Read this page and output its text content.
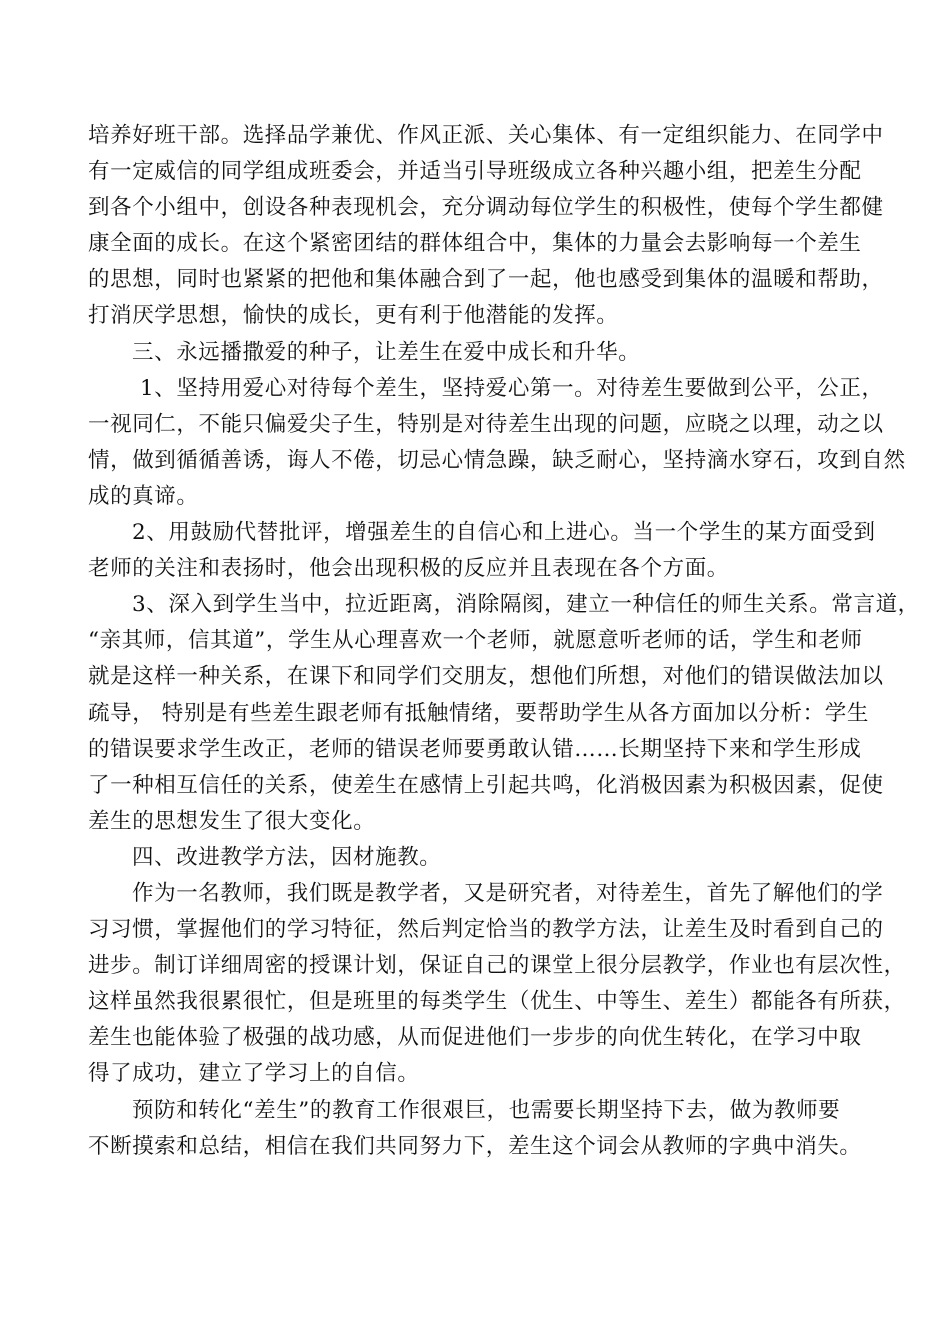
培养好班干部。选择品学兼优、作风正派、关心集体、有一定组织能力、在同学中
有一定威信的同学组成班委会，并适当引导班级成立各种兴趣小组，把差生分配
到各个小组中，创设各种表现机会，充分调动每位学生的积极性，使每个学生都健
康全面的成长。在这个紧密团结的群体组合中，集体的力量会去影响每一个差生
的思想，同时也紧紧的把他和集体融合到了一起，他也感受到集体的温暖和帮助，
打消厌学思想，愉快的成长，更有利于他潜能的发挥。

三、永远播撒爱的种子，让差生在爱中成长和升华。

1、坚持用爱心对待每个差生，坚持爱心第一。对待差生要做到公平，公正，
一视同仁，不能只偏爱尖子生，特别是对待差生出现的问题，应晓之以理，动之以
情，做到循循善诱，诲人不倦，切忌心情急躁，缺乏耐心，坚持滴水穿石，攻到自然
成的真谛。

2、用鼓励代替批评，增强差生的自信心和上进心。当一个学生的某方面受到
老师的关注和表扬时，他会出现积极的反应并且表现在各个方面。

3、深入到学生当中，拉近距离，消除隔阂，建立一种信任的师生关系。常言道，
“亲其师，信其道”，学生从心理喜欢一个老师，就愿意听老师的话，学生和老师
就是这样一种关系，在课下和同学们交朋友，想他们所想，对他们的错误做法加以
疏导， 特别是有些差生跟老师有抵触情绪，要帮助学生从各方面加以分析：学生
的错误要求学生改正，老师的错误老师要勇敢认错……长期坚持下来和学生形成
了一种相互信任的关系，使差生在感情上引起共鸣，化消极因素为积极因素，促使
差生的思想发生了很大变化。

四、改进教学方法，因材施教。

作为一名教师，我们既是教学者，又是研究者，对待差生，首先了解他们的学
习习惯，掌握他们的学习特征，然后判定恰当的教学方法，让差生及时看到自己的
进步。制订详细周密的授课计划，保证自己的课堂上很分层教学，作业也有层次性，
这样虽然我很累很忙，但是班里的每类学生（优生、中等生、差生）都能各有所获，
差生也能体验了极强的战功感，从而促进他们一步步的向优生转化，在学习中取
得了成功，建立了学习上的自信。

预防和转化“差生”的教育工作很艰巨，也需要长期坚持下去，做为教师要
不断摸索和总结，相信在我们共同努力下，差生这个词会从教师的字典中消失。
